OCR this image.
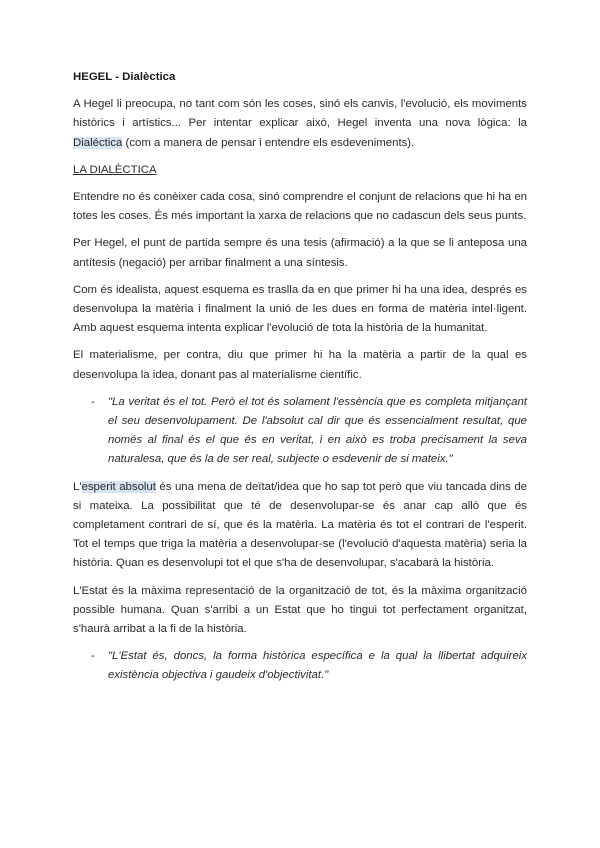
HEGEL - Dialèctica

A Hegel li preocupa, no tant com són les coses, sinó els canvis, l'evolució, els moviments històrics i artístics... Per intentar explicar això, Hegel inventa una nova lògica: la Dialéctica (com a manera de pensar i entendre els esdeveniments).

LA DIALÈCTICA

Entendre no és conèixer cada cosa, sinó comprendre el conjunt de relacions que hi ha en totes les coses. És més important la xarxa de relacions que no cadascun dels seus punts.

Per Hegel, el punt de partida sempre és una tesis (afirmació) a la que se li anteposa una antítesis (negació) per arribar finalment a una síntesis.

Com és idealista, aquest esquema es traslla da en que primer hi ha una idea, després es desenvolupa la matèria i finalment la unió de les dues en forma de matèria intel·ligent. Amb aquest esquema intenta explicar l'evolució de tota la història de la humanitat.

El materialisme, per contra, diu que primer hi ha la matèria a partir de la qual es desenvolupa la idea, donant pas al materialisme científic.

- "La veritat és el tot. Però el tot és solament l'essència que es completa mitjançant el seu desenvolupament. De l'absolut cal dir que és essencialment resultat, que només al final és el que és en veritat, i en això es troba precisament la seva naturalesa, que és la de ser real, subjecte o esdevenir de si mateix."

L'esperit absolut és una mena de deïtat/idea que ho sap tot però que viu tancada dins de si mateixa. La possibilitat que té de desenvolupar-se és anar cap allò que és completament contrari de sí, que és la matèria. La matèria és tot el contrari de l'esperit. Tot el temps que triga la matèria a desenvolupar-se (l'evolució d'aquesta matèria) seria la història. Quan es desenvolupi tot el que s'ha de desenvolupar, s'acabarà la història.

L'Estat és la màxima representació de la organització de tot, és la màxima organització possible humana. Quan s'arribi a un Estat que ho tingui tot perfectament organitzat, s'haurà arribat a la fi de la història.

- "L'Estat és, doncs, la forma històrica específica e la qual la llibertat adquireix existència objectiva i gaudeix d'objectivitat."
